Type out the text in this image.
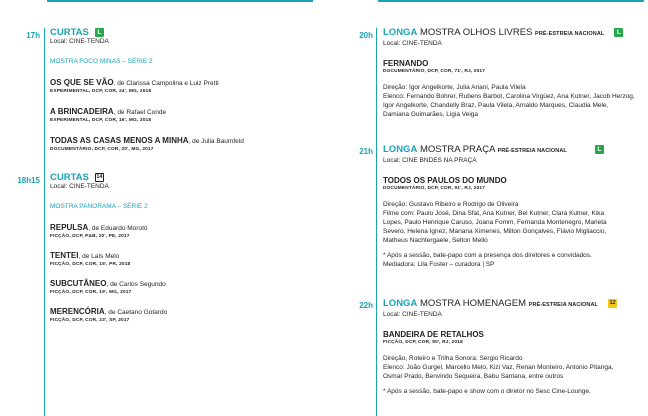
17h CURTAS L
Local: CINE-TENDA
MOSTRA FOCO MINAS – SÉRIE 2
OS QUE SE VÃO, de Clarissa Campolina e Luiz Pretti
EXPERIMENTAL, DCP, COR, 24', MG, 2018
A BRINCADEIRA, de Rafael Conde
EXPERIMENTAL, DCP, COR, 16', MG, 2018
TODAS AS CASAS MENOS A MINHA, de Julia Baumfeld
DOCUMENTÁRIO, DCP, COR, 20', MG, 2017
18h15 CURTAS 14
Local: CINE-TENDA
MOSTRA PANORAMA – SÉRIE 2
REPULSA, de Eduardo Morotó
FICÇÃO, DCP, P&B, 20', PE, 2017
TENTEI, de Laís Melo
FICÇÃO, DCP, COR, 15', PR, 2018
SUBCUTÂNEO, de Carlos Segundo
FICÇÃO, DCP, COR, 19', MG, 2017
MERENCÓRIA, de Caetano Gotardo
FICÇÃO, DCP, COR, 23', SP, 2017
20h LONGA MOSTRA OLHOS LIVRES PRÉ-ESTREIA NACIONAL L
Local: CINE-TENDA
FERNANDO
DOCUMENTÁRIO, DCP, COR, 71', RJ, 2017
Direção: Igor Angelkorte, Julia Ariani, Paula Vilela
Elenco: Fernando Bohrer, Rubens Barbot, Carolina Virgüez, Ana Kutner, Jacob Herzog,
Igor Angelkorte, Chandelly Braz, Paula Vilela, Arnaldo Marques, Claudia Mele,
Damiana Guimarães, Ligia Veiga
21h LONGA MOSTRA PRAÇA PRÉ-ESTREIA NACIONAL	L
Local: CINE BNDES NA PRAÇA
TODOS OS PAULOS DO MUNDO
DOCUMENTÁRIO, DCP, COR, 91', RJ, 2017
Direção: Gustavo Ribeiro e Rodrigo de Oliveira
Filme com: Paulo José, Dina Sfat, Ana Kutner, Bel Kutner, Clara Kutner, Kika
Lopes, Paulo Henrique Caruso, Joana Fomm, Fernanda Montenegro, Marieta
Severo, Helena Ignez, Mariana Ximenes, Milton Gonçalves, Flávio Migliaccio,
Matheus Nachtergaele, Selton Mello
* Após a sessão, bate-papo com a presença dos diretores e convidados.
Mediadora: Lila Foster – curadora | SP
22h LONGA MOSTRA HOMENAGEM PRÉ-ESTREIA NACIONAL 12
Local: CINE-TENDA
BANDEIRA DE RETALHOS
FICÇÃO, DCP, COR, 90', RJ, 2018
Direção, Roteiro e Trilha Sonora: Sérgio Ricardo
Elenco: João Gurgel, Marcello Melo, Kizi Vaz, Renan Monteiro, Antonio Pitanga,
Osmar Prado, Benvindo Sequeira, Babu Santana, entre outros
* Após a sessão, bate-papo e show com o diretor no Sesc Cine-Lounge.
